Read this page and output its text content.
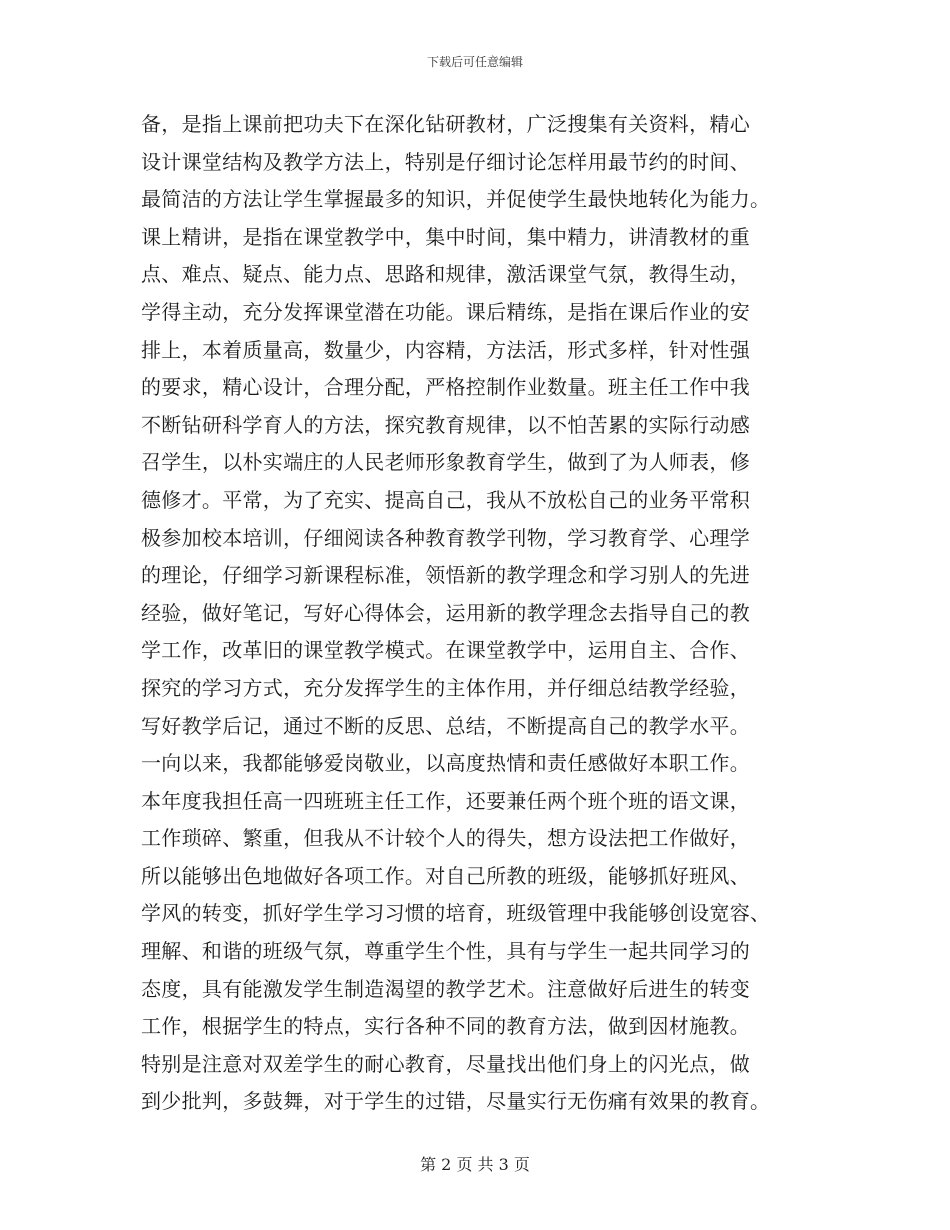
下载后可任意编辑
备，是指上课前把功夫下在深化钻研教材，广泛搜集有关资料，精心
设计课堂结构及教学方法上，特别是仔细讨论怎样用最节约的时间、
最简洁的方法让学生掌握最多的知识，并促使学生最快地转化为能力。
课上精讲，是指在课堂教学中，集中时间，集中精力，讲清教材的重
点、难点、疑点、能力点、思路和规律，激活课堂气氛，教得生动，
学得主动，充分发挥课堂潜在功能。课后精练，是指在课后作业的安
排上，本着质量高，数量少，内容精，方法活，形式多样，针对性强
的要求，精心设计，合理分配，严格控制作业数量。班主任工作中我
不断钻研科学育人的方法，探究教育规律，以不怕苦累的实际行动感
召学生，以朴实端庄的人民老师形象教育学生，做到了为人师表，修
德修才。平常，为了充实、提高自己，我从不放松自己的业务平常积
极参加校本培训，仔细阅读各种教育教学刊物，学习教育学、心理学
的理论，仔细学习新课程标准，领悟新的教学理念和学习别人的先进
经验，做好笔记，写好心得体会，运用新的教学理念去指导自己的教
学工作，改革旧的课堂教学模式。在课堂教学中，运用自主、合作、
探究的学习方式，充分发挥学生的主体作用，并仔细总结教学经验，
写好教学后记，通过不断的反思、总结，不断提高自己的教学水平。
一向以来，我都能够爱岗敬业，以高度热情和责任感做好本职工作。
本年度我担任高一四班班主任工作，还要兼任两个班个班的语文课，
工作琐碎、繁重，但我从不计较个人的得失，想方设法把工作做好，
所以能够出色地做好各项工作。对自己所教的班级，能够抓好班风、
学风的转变，抓好学生学习习惯的培育，班级管理中我能够创设宽容、
理解、和谐的班级气氛，尊重学生个性，具有与学生一起共同学习的
态度，具有能激发学生制造渴望的教学艺术。注意做好后进生的转变
工作，根据学生的特点，实行各种不同的教育方法，做到因材施教。
特别是注意对双差学生的耐心教育，尽量找出他们身上的闪光点，做
到少批判，多鼓舞，对于学生的过错，尽量实行无伤痛有效果的教育。
第 2 页 共 3 页
